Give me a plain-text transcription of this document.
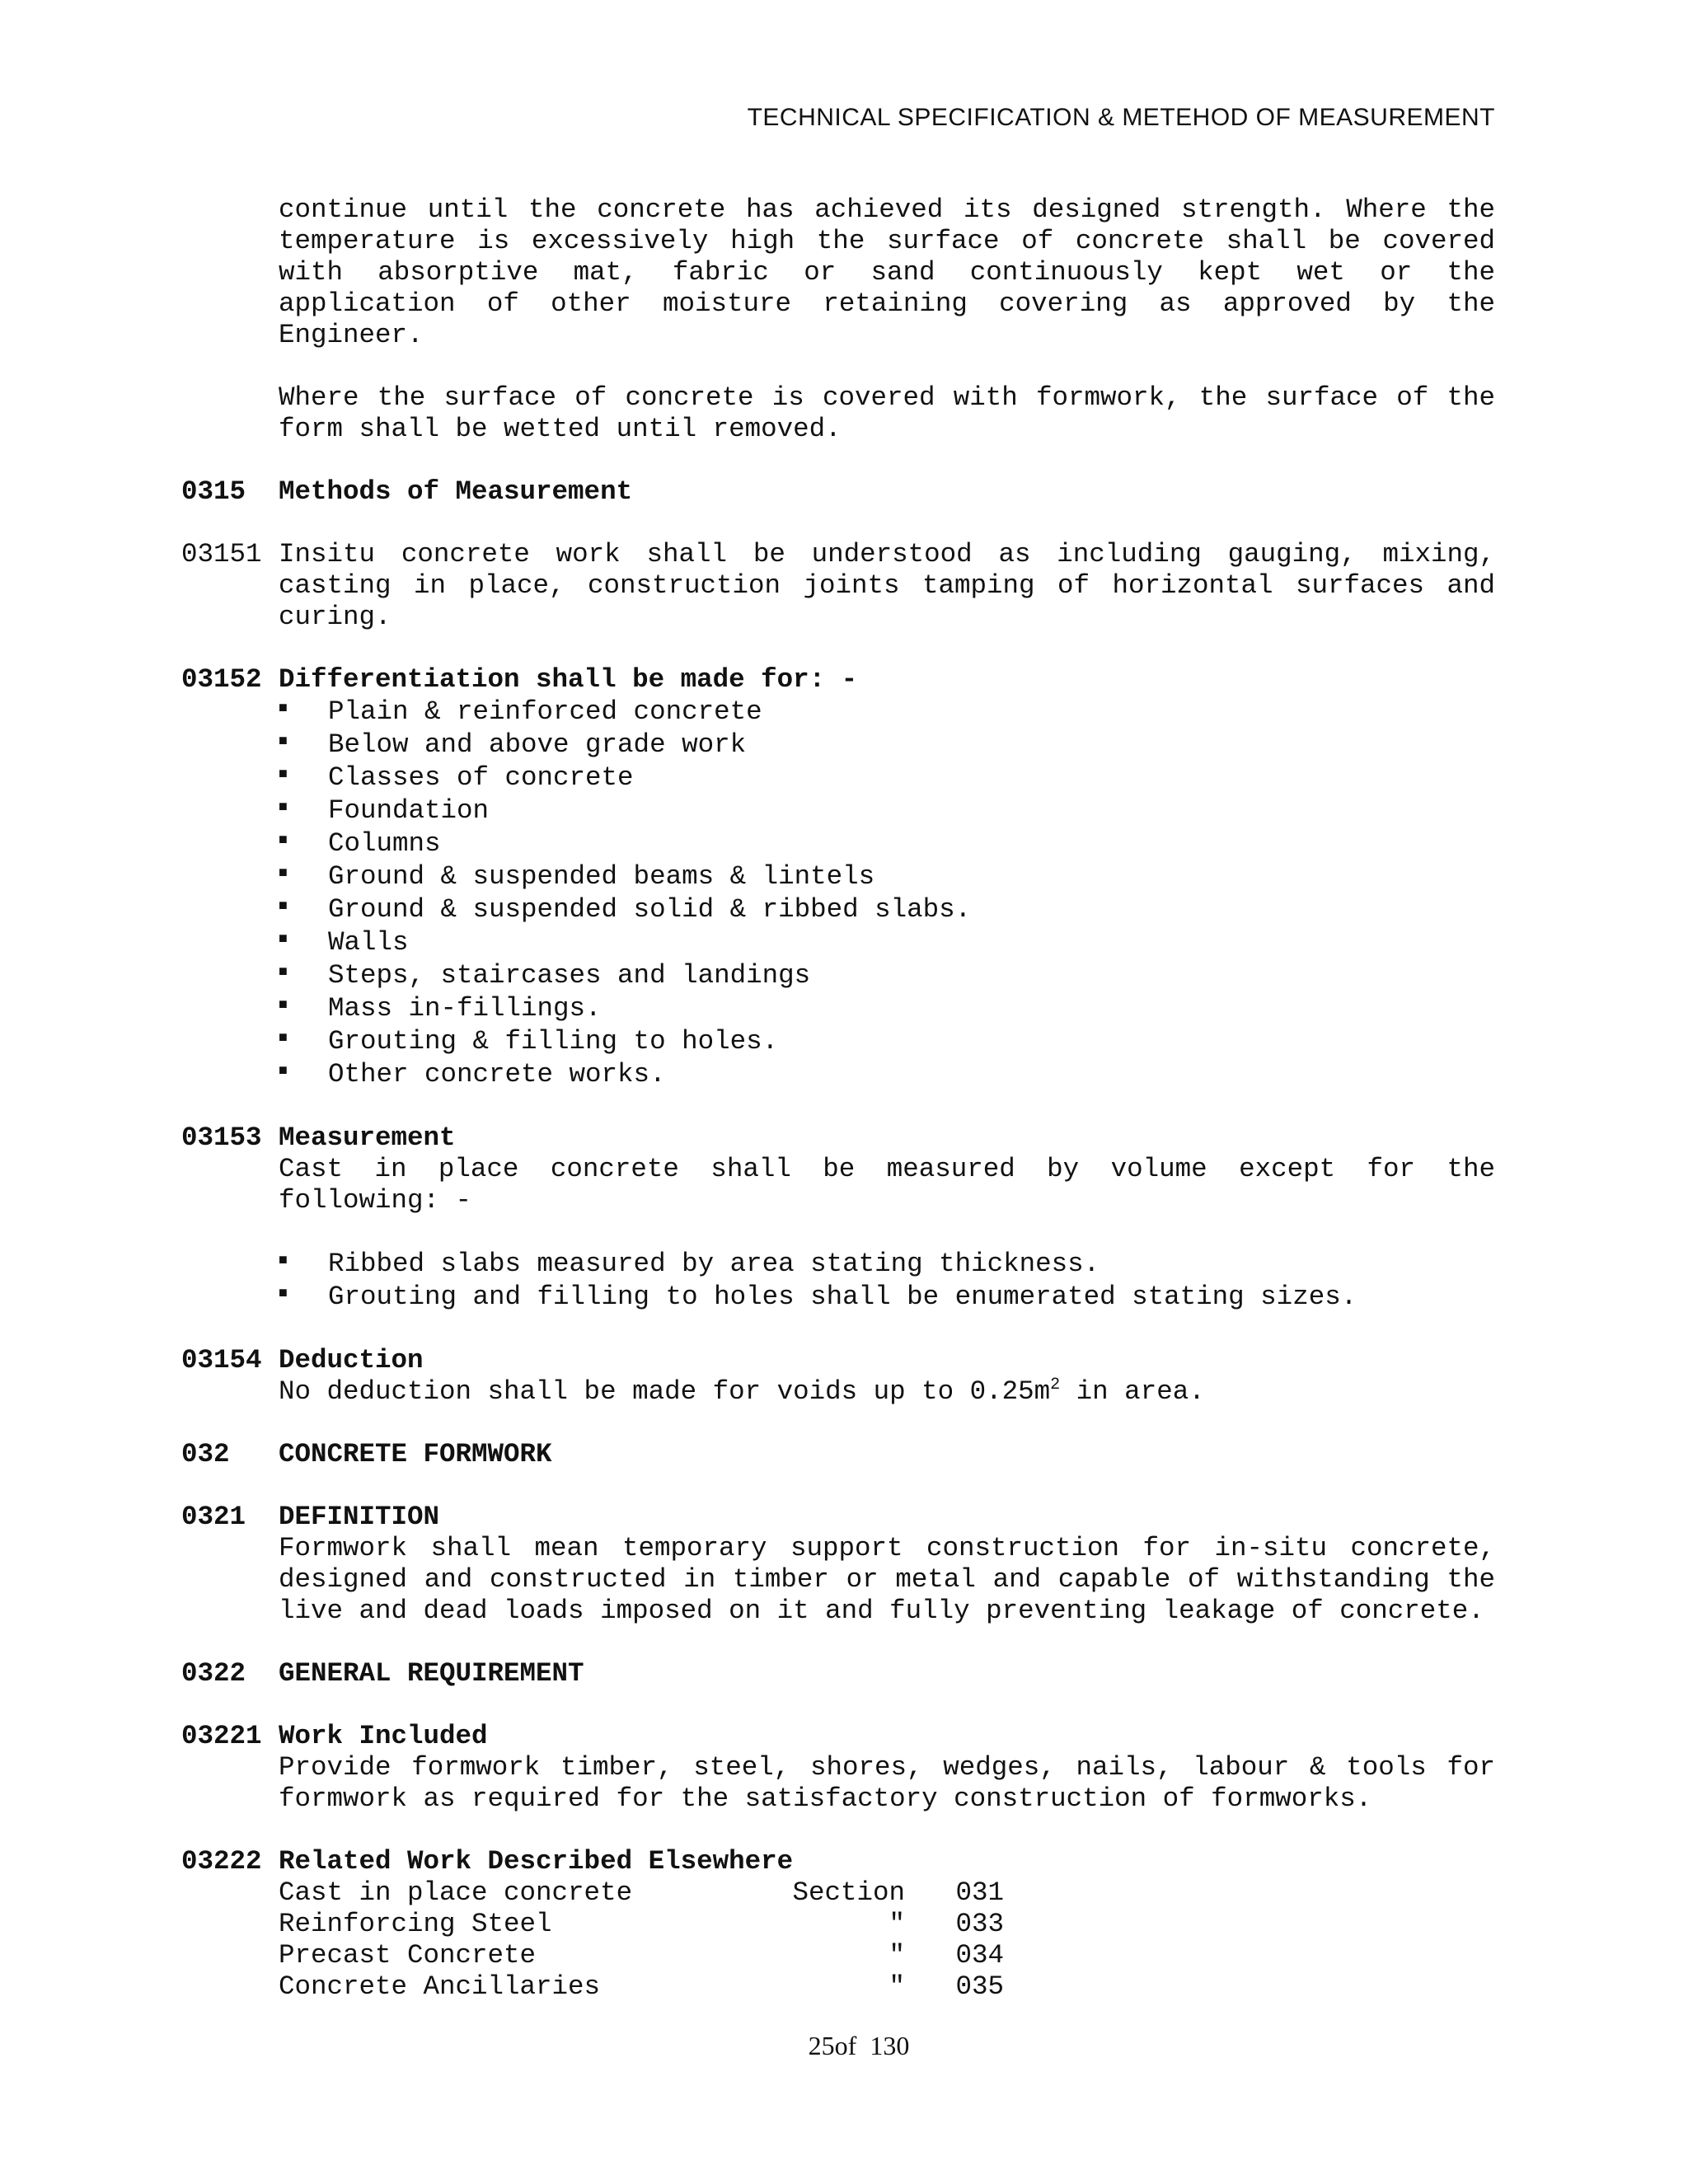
TECHNICAL SPECIFICATION & METEHOD OF MEASUREMENT
continue until the concrete has achieved its designed strength. Where the temperature is excessively high the surface of concrete shall be covered with absorptive mat, fabric or sand continuously kept wet or the application of other moisture retaining covering as approved by the Engineer.
Where the surface of concrete is covered with formwork, the surface of the form shall be wetted until removed.
0315	Methods of Measurement
03151 Insitu concrete work shall be understood as including gauging, mixing, casting in place, construction joints tamping of horizontal surfaces and curing.
03152 Differentiation shall be made for: -
■	Plain & reinforced concrete
■	Below and above grade work
■	Classes of concrete
■	Foundation
■	Columns
■	Ground & suspended beams & lintels
■	Ground & suspended solid & ribbed slabs.
■	Walls
■	Steps, staircases and landings
■	Mass in-fillings.
■	Grouting & filling to holes.
■	Other concrete works.
03153 Measurement
Cast in place concrete shall be measured by volume except for the following: -
■	Ribbed slabs measured by area stating thickness.
■	Grouting and filling to holes shall be enumerated stating sizes.
03154 Deduction
No deduction shall be made for voids up to $0.25m^2$ in area.
032	CONCRETE FORMWORK
0321	DEFINITION
Formwork shall mean temporary support construction for in-situ concrete, designed and constructed in timber or metal and capable of withstanding the live and dead loads imposed on it and fully preventing leakage of concrete.
0322	GENERAL REQUIREMENT
03221 Work Included
Provide formwork timber, steel, shores, wedges, nails, labour & tools for formwork as required for the satisfactory construction of formworks.
03222 Related Work Described Elsewhere
Cast in place concrete	Section	031
Reinforcing Steel	"	033
Precast Concrete	"	034
Concrete Ancillaries	"	035
25of 130
